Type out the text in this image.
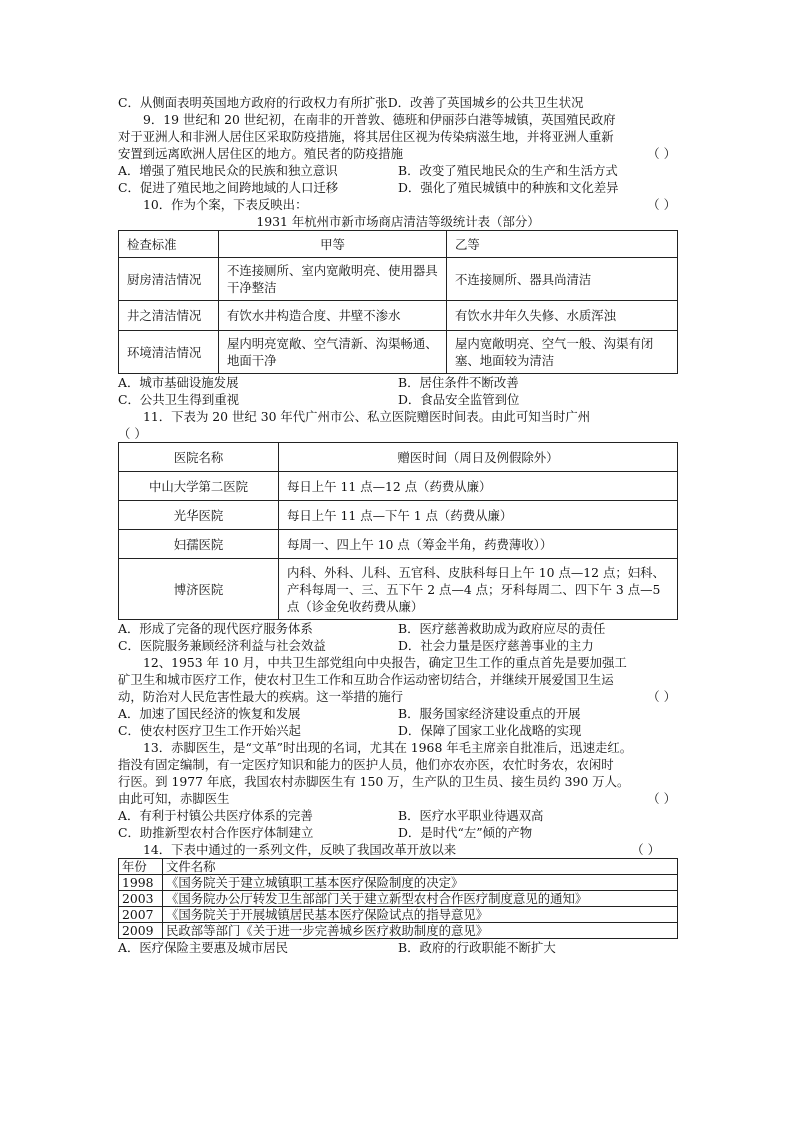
C．从侧面表明英国地方政府的行政权力有所扩张D．改善了英国城乡的公共卫生状况
9．19 世纪和 20 世纪初，在南非的开普敦、德班和伊丽莎白港等城镇，英国殖民政府
对于亚洲人和非洲人居住区采取防疫措施，将其居住区视为传染病滋生地，并将亚洲人重新
安置到远离欧洲人居住区的地方。殖民者的防疫措施	（ ）
A．增强了殖民地民众的民族和独立意识	B．改变了殖民地民众的生产和生活方式
C．促进了殖民地之间跨地域的人口迁移	D．强化了殖民城镇中的种族和文化差异
10．作为个案，下表反映出：	（ ）
1931 年杭州市新市场商店清洁等级统计表（部分）
检查标准	甲等	乙等
厨房清洁情况	不连接厕所、室内宽敞明亮、使用器具干净整洁	不连接厕所、器具尚清洁
井之清洁情况	有饮水井构造合度、井壁不渗水	有饮水井年久失修、水质浑浊
环境清洁情况	屋内明亮宽敞、空气清新、沟渠畅通、地面干净	屋内宽敞明亮、空气一般、沟渠有闭塞、地面较为清洁
A．城市基础设施发展	B．居住条件不断改善
C．公共卫生得到重视	D．食品安全监管到位
11．下表为 20 世纪 30 年代广州市公、私立医院赠医时间表。由此可知当时广州
（ ）
医院名称	赠医时间（周日及例假除外）
中山大学第二医院	每日上午 11 点—12 点（药费从廉）
光华医院	每日上午 11 点—下午 1 点（药费从廉）
妇孺医院	每周一、四上午 10 点（筹金半角，药费薄收））
博济医院	内科、外科、儿科、五官科、皮肤科每日上午 10 点—12 点；妇科、产科每周一、三、五下午 2 点—4 点；牙科每周二、四下午 3 点—5 点（诊金免收药费从廉）
A．形成了完备的现代医疗服务体系	B．医疗慈善救助成为政府应尽的责任
C．医院服务兼顾经济利益与社会效益	D．社会力量是医疗慈善事业的主力
12、1953 年 10 月，中共卫生部党组向中央报告，确定卫生工作的重点首先是要加强工
矿卫生和城市医疗工作，使农村卫生工作和互助合作运动密切结合，并继续开展爱国卫生运
动，防治对人民危害性最大的疾病。这一举措的施行	（ ）
A．加速了国民经济的恢复和发展	B．服务国家经济建设重点的开展
C．使农村医疗卫生工作开始兴起	D．保障了国家工业化战略的实现
13．赤脚医生，是“文革”时出现的名词，尤其在 1968 年毛主席亲自批准后，迅速走红。
指没有固定编制，有一定医疗知识和能力的医护人员，他们亦农亦医，农忙时务农，农闲时
行医。到 1977 年底，我国农村赤脚医生有 150 万，生产队的卫生员、接生员约 390 万人。
由此可知，赤脚医生	（ ）
A．有利于村镇公共医疗体系的完善	B．医疗水平职业待遇双高
C．助推新型农村合作医疗体制建立	D．是时代“左”倾的产物
14．下表中通过的一系列文件，反映了我国改革开放以来	（ ）
年份	文件名称
1998	《国务院关于建立城镇职工基本医疗保险制度的决定》
2003	《国务院办公厅转发卫生部部门关于建立新型农村合作医疗制度意见的通知》
2007	《国务院关于开展城镇居民基本医疗保险试点的指导意见》
2009	民政部等部门《关于进一步完善城乡医疗救助制度的意见》
A．医疗保险主要惠及城市居民	B．政府的行政职能不断扩大
